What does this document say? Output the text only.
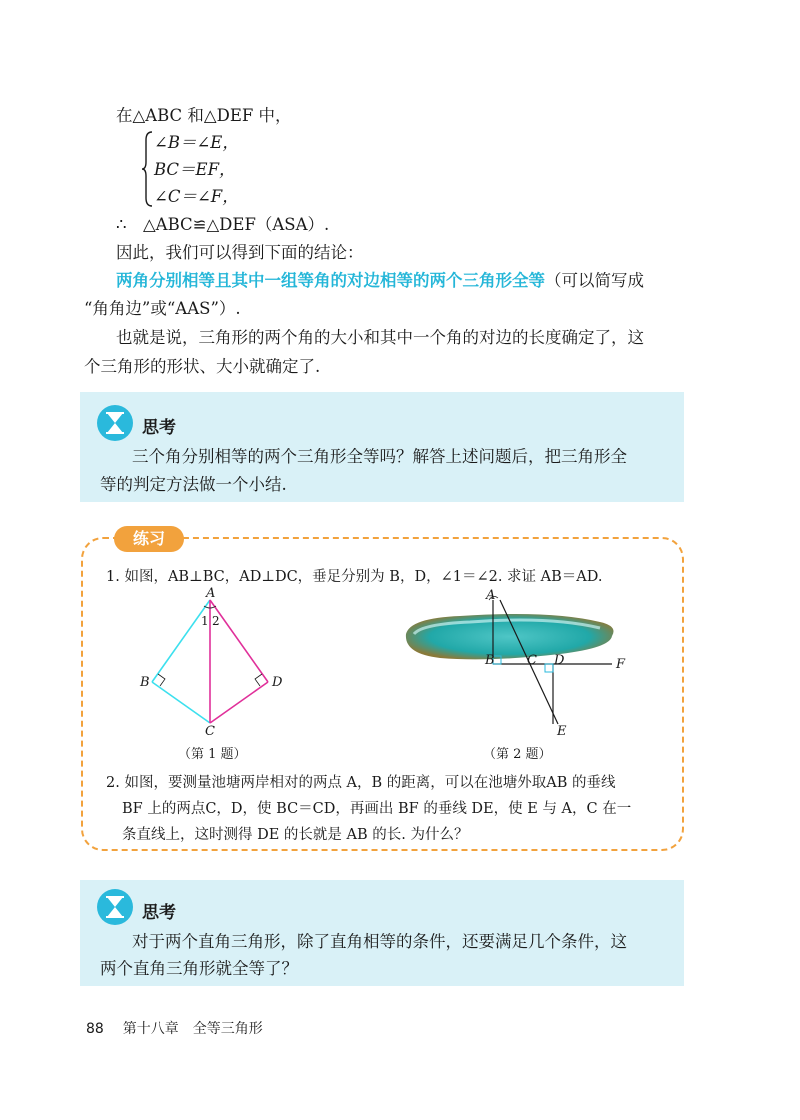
在△ABC 和△DEF 中，
∠B＝∠E，
BC＝EF，
∠C＝∠F，
∴　△ABC≌△DEF（ASA）.
因此，我们可以得到下面的结论：
两角分别相等且其中一组等角的对边相等的两个三角形全等（可以简写成
“角角边”或“AAS”）.
也就是说，三角形的两个角的大小和其中一个角的对边的长度确定了，这
个三角形的形状、大小就确定了.
思考
三个角分别相等的两个三角形全等吗？解答上述问题后，把三角形全
等的判定方法做一个小结.
练习
1. 如图，AB⊥BC，AD⊥DC，垂足分别为 B，D，∠1＝∠2. 求证 AB＝AD.
A
1 2
B	D
C
（第 1 题）
A
B C D	F
E
（第 2 题）
2. 如图，要测量池塘两岸相对的两点 A，B 的距离，可以在池塘外取AB 的垂线
BF 上的两点C，D，使 BC＝CD，再画出 BF 的垂线 DE，使 E 与 A，C 在一
条直线上，这时测得 DE 的长就是 AB 的长. 为什么？
思考
对于两个直角三角形，除了直角相等的条件，还要满足几个条件，这
两个直角三角形就全等了？
88 第十八章　全等三角形
